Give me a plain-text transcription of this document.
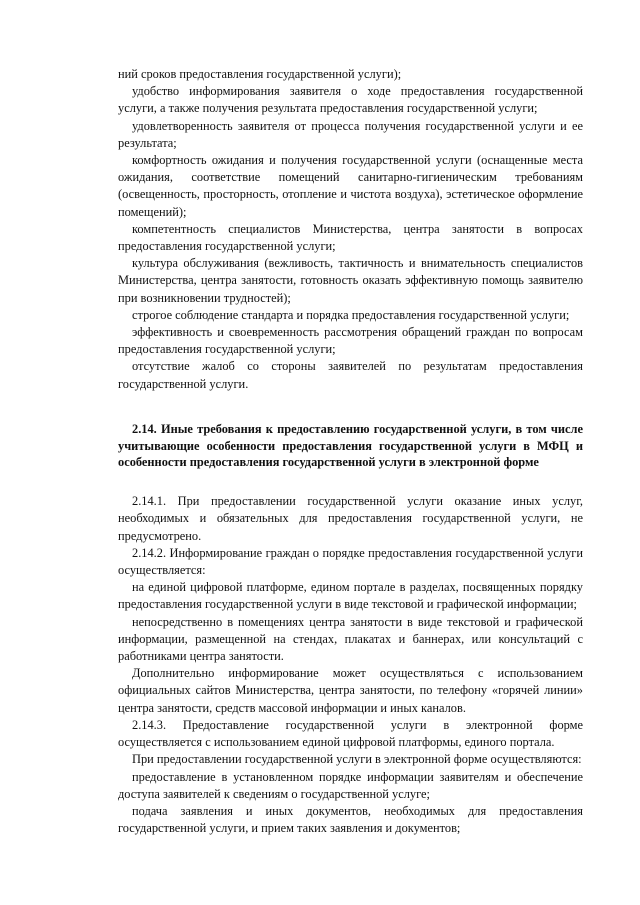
ний сроков предоставления государственной услуги);

удобство информирования заявителя о ходе предоставления государственной услуги, а также получения результата предоставления государственной услуги;

удовлетворенность заявителя от процесса получения государственной услуги и ее результата;

комфортность ожидания и получения государственной услуги (оснащенные места ожидания, соответствие помещений санитарно-гигиеническим требованиям (освещенность, просторность, отопление и чистота воздуха), эстетическое оформление помещений);

компетентность специалистов Министерства, центра занятости в вопросах предоставления государственной услуги;

культура обслуживания (вежливость, тактичность и внимательность специалистов Министерства, центра занятости, готовность оказать эффективную помощь заявителю при возникновении трудностей);

строгое соблюдение стандарта и порядка предоставления государственной услуги;

эффективность и своевременность рассмотрения обращений граждан по вопросам предоставления государственной услуги;

отсутствие жалоб со стороны заявителей по результатам предоставления государственной услуги.

2.14. Иные требования к предоставлению государственной услуги, в том числе учитывающие особенности предоставления государственной услуги в МФЦ и особенности предоставления государственной услуги в электронной форме

2.14.1. При предоставлении государственной услуги оказание иных услуг, необходимых и обязательных для предоставления государственной услуги, не предусмотрено.

2.14.2. Информирование граждан о порядке предоставления государственной услуги осуществляется:

на единой цифровой платформе, едином портале в разделах, посвященных порядку предоставления государственной услуги в виде текстовой и графической информации;

непосредственно в помещениях центра занятости в виде текстовой и графической информации, размещенной на стендах, плакатах и баннерах, или консультаций с работниками центра занятости.

Дополнительно информирование может осуществляться с использованием официальных сайтов Министерства, центра занятости, по телефону «горячей линии» центра занятости, средств массовой информации и иных каналов.

2.14.3. Предоставление государственной услуги в электронной форме осуществляется с использованием единой цифровой платформы, единого портала.

При предоставлении государственной услуги в электронной форме осуществляются:

предоставление в установленном порядке информации заявителям и обеспечение доступа заявителей к сведениям о государственной услуге;

подача заявления и иных документов, необходимых для предоставления государственной услуги, и прием таких заявления и документов;
